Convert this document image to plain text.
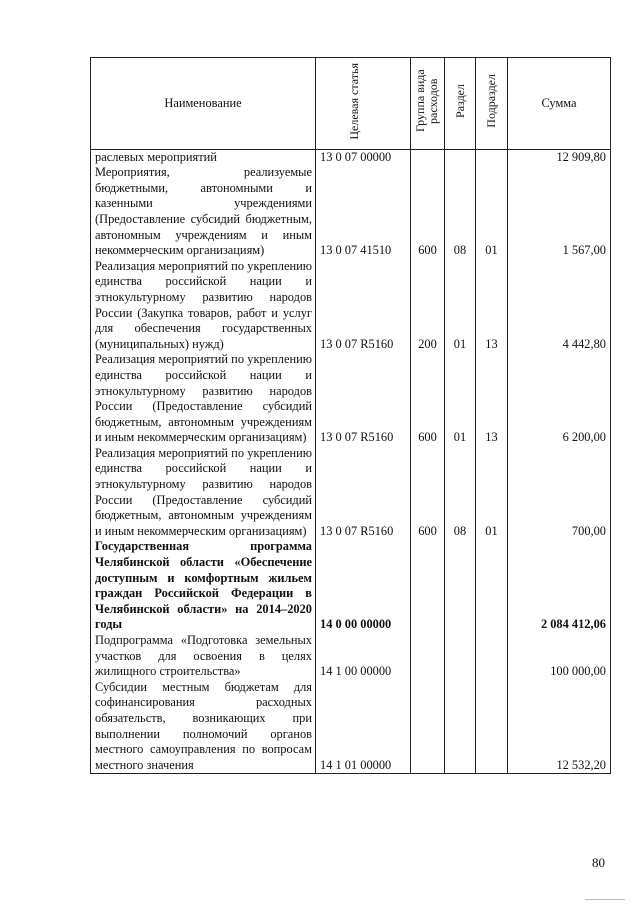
Наименование	Целевая статья	Группа вида расходов	Раздел	Подраздел	Сумма
раслевых мероприятий	13 0 07 00000				12 909,80
Мероприятия, реализуемые бюджетными, автономными и казенными учреждениями (Предоставление субсидий бюджетным, автономным учреждениям и иным некоммерческим организациям)	13 0 07 41510	600	08	01	1 567,00
Реализация мероприятий по укреплению единства российской нации и этнокультурному развитию народов России (Закупка товаров, работ и услуг для обеспечения государственных (муниципальных) нужд)	13 0 07 R5160	200	01	13	4 442,80
Реализация мероприятий по укреплению единства российской нации и этнокультурному развитию народов России (Предоставление субсидий бюджетным, автономным учреждениям и иным некоммерческим организациям)	13 0 07 R5160	600	01	13	6 200,00
Реализация мероприятий по укреплению единства российской нации и этнокультурному развитию народов России (Предоставление субсидий бюджетным, автономным учреждениям и иным некоммерческим организациям)	13 0 07 R5160	600	08	01	700,00
Государственная программа Челябинской области «Обеспечение доступным и комфортным жильем граждан Российской Федерации в Челябинской области» на 2014–2020 годы	14 0 00 00000				2 084 412,06
Подпрограмма «Подготовка земельных участков для освоения в целях жилищного строительства»	14 1 00 00000				100 000,00
Субсидии местным бюджетам для софинансирования расходных обязательств, возникающих при выполнении полномочий органов местного самоуправления по вопросам местного значения	14 1 01 00000				12 532,20
80
